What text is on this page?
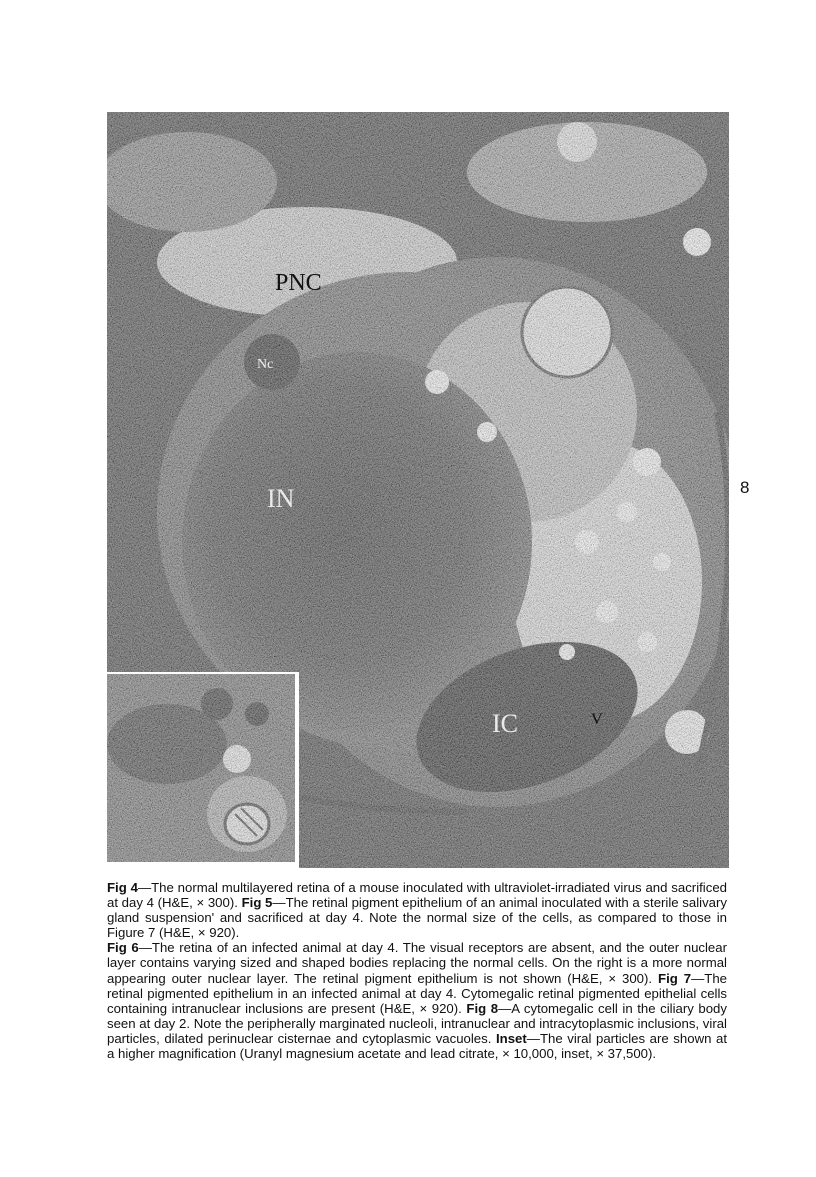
PNC
Nc
IN
IC	V
8
Fig 4—The normal multilayered retina of a mouse inoculated with ultraviolet-irradiated virus and sacrificed at day 4 (H&E, × 300). Fig 5—The retinal pigment epithelium of an animal inoculated with a sterile salivary gland suspension' and sacrificed at day 4. Note the normal size of the cells, as compared to those in Figure 7 (H&E, × 920).
Fig 6—The retina of an infected animal at day 4. The visual receptors are absent, and the outer nuclear layer contains varying sized and shaped bodies replacing the normal cells. On the right is a more normal appearing outer nuclear layer. The retinal pigment epithelium is not shown (H&E, × 300). Fig 7—The retinal pigmented epithelium in an infected animal at day 4. Cytomegalic retinal pigmented epithelial cells containing intranuclear inclusions are present (H&E, × 920). Fig 8—A cytomegalic cell in the ciliary body seen at day 2. Note the peripherally marginated nucleoli, intranuclear and intracytoplasmic inclusions, viral particles, dilated perinuclear cisternae and cytoplasmic vacuoles. Inset—The viral particles are shown at a higher magnification (Uranyl magnesium acetate and lead citrate, × 10,000, inset, × 37,500).
